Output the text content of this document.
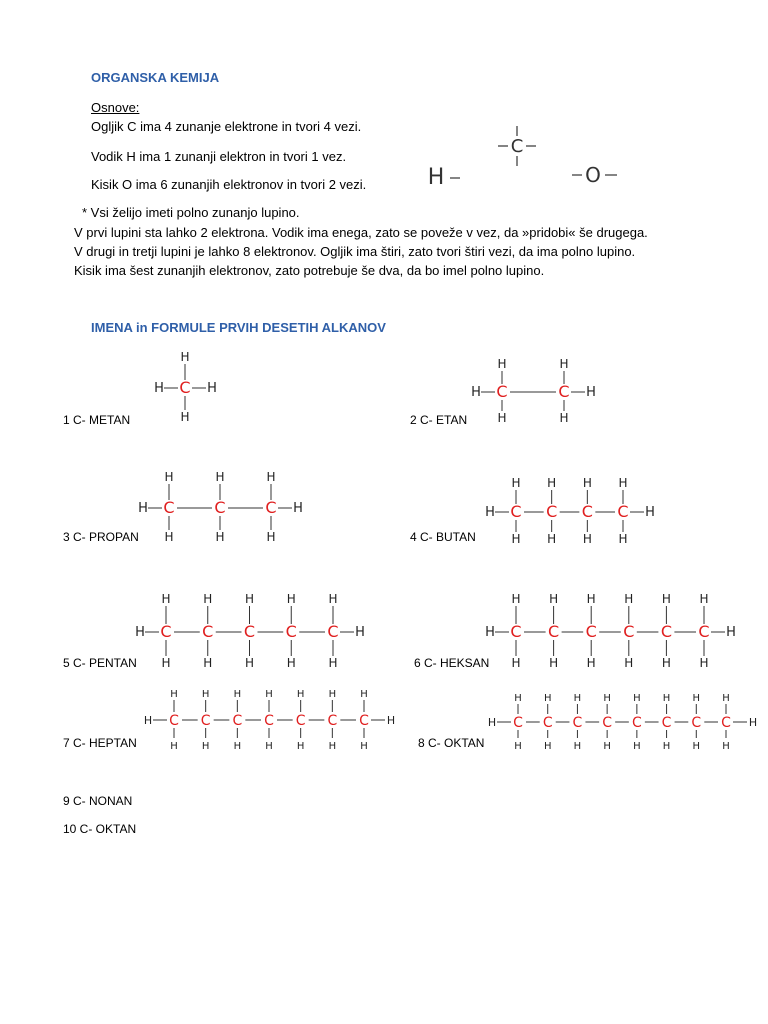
ORGANSKA KEMIJA
Osnove:
Ogljik C ima 4 zunanje elektrone in tvori 4 vezi.
Vodik H ima 1 zunanji elektron in tvori 1 vez.
Kisik O ima 6 zunanjih elektronov in tvori 2 vezi.
* Vsi želijo imeti polno zunanjo lupino.
V prvi lupini sta lahko 2 elektrona. Vodik ima enega, zato se poveže v vez, da »pridobi« še drugega.
V drugi in tretji lupini je lahko 8 elektronov. Ogljik ima štiri, zato tvori štiri vezi, da ima polno lupino.
Kisik ima šest zunanjih elektronov, zato potrebuje še dva, da bo imel polno lupino.
C
H	O
IMENA in FORMULE PRVIH DESETIH ALKANOV
1 C- METAN	2 C- ETAN
3 C- PROPAN	4 C- BUTAN
5 C- PENTAN	6 C- HEKSAN
7 C- HEPTAN	8 C- OKTAN
9 C- NONAN
10 C- OKTAN
H	H
C
H
H
H	H
C
H
H
C
H
H
H	H
C
H
H
C
H
H
C
H
H
H	H
C
H
H
C
H
H
C
H
H
C
H
H
H	H
C
H
H
C
H
H
C
H
H
C
H
H
C
H
H
H	H
C
H
H
C
H
H
C
H
H
C
H
H
C
H
H
C
H
H
H	H
C
H
H
C
H
H
C
H
H
C
H
H
C
H
H
C
H
H
C
H
H
H	H
C
H
H
C
H
H
C
H
H
C
H
H
C
H
H
C
H
H
C
H
H
C
H
H
